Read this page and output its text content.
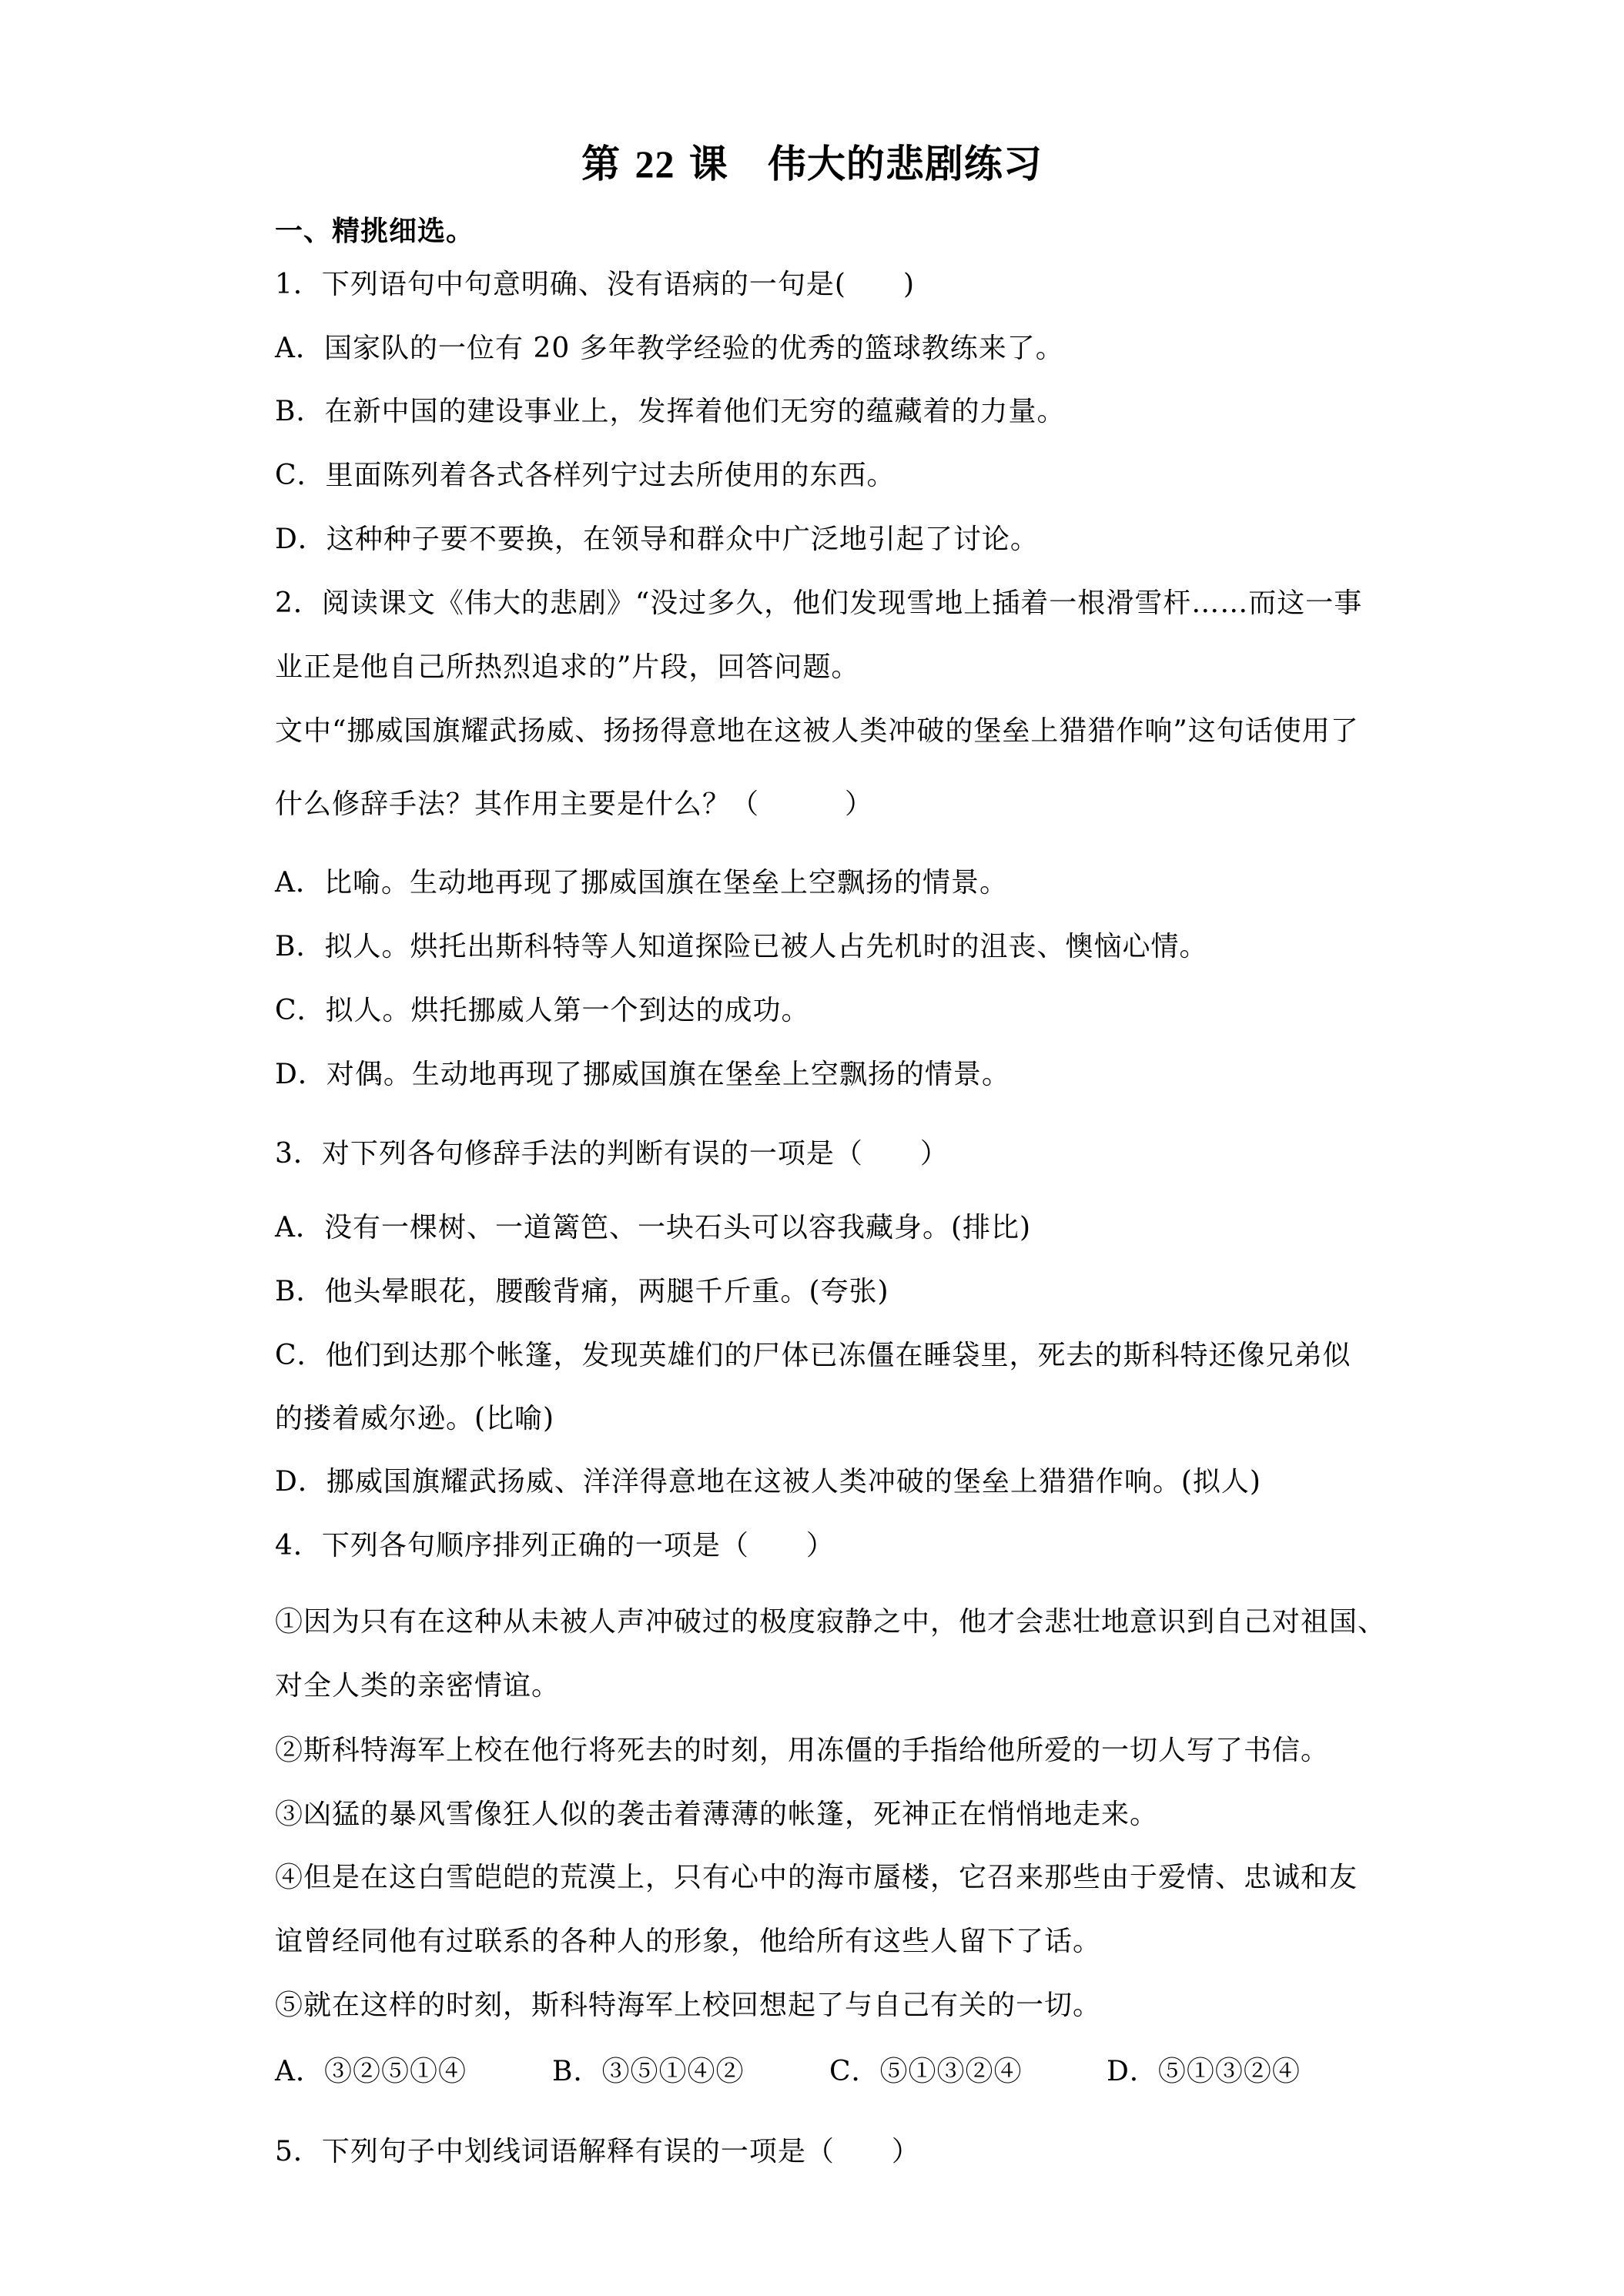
第 22 课　伟大的悲剧练习
一、精挑细选。
1．下列语句中句意明确、没有语病的一句是(　　)
A．国家队的一位有 20 多年教学经验的优秀的篮球教练来了。
B．在新中国的建设事业上，发挥着他们无穷的蕴藏着的力量。
C．里面陈列着各式各样列宁过去所使用的东西。
D．这种种子要不要换，在领导和群众中广泛地引起了讨论。
2．阅读课文《伟大的悲剧》“没过多久，他们发现雪地上插着一根滑雪杆……而这一事
业正是他自己所热烈追求的”片段，回答问题。
文中“挪威国旗耀武扬威、扬扬得意地在这被人类冲破的堡垒上猎猎作响”这句话使用了
什么修辞手法？其作用主要是什么？（　　　）
A．比喻。生动地再现了挪威国旗在堡垒上空飘扬的情景。
B．拟人。烘托出斯科特等人知道探险已被人占先机时的沮丧、懊恼心情。
C．拟人。烘托挪威人第一个到达的成功。
D．对偶。生动地再现了挪威国旗在堡垒上空飘扬的情景。
3．对下列各句修辞手法的判断有误的一项是（　　）
A．没有一棵树、一道篱笆、一块石头可以容我藏身。(排比)
B．他头晕眼花，腰酸背痛，两腿千斤重。(夸张)
C．他们到达那个帐篷，发现英雄们的尸体已冻僵在睡袋里，死去的斯科特还像兄弟似
的搂着威尔逊。(比喻)
D．挪威国旗耀武扬威、洋洋得意地在这被人类冲破的堡垒上猎猎作响。(拟人)
4．下列各句顺序排列正确的一项是（　　）
①因为只有在这种从未被人声冲破过的极度寂静之中，他才会悲壮地意识到自己对祖国、
对全人类的亲密情谊。
②斯科特海军上校在他行将死去的时刻，用冻僵的手指给他所爱的一切人写了书信。
③凶猛的暴风雪像狂人似的袭击着薄薄的帐篷，死神正在悄悄地走来。
④但是在这白雪皑皑的荒漠上，只有心中的海市蜃楼，它召来那些由于爱情、忠诚和友
谊曾经同他有过联系的各种人的形象，他给所有这些人留下了话。
⑤就在这样的时刻，斯科特海军上校回想起了与自己有关的一切。
A．③②⑤①④	B．③⑤①④②	C．⑤①③②④	D．⑤①③②④
5．下列句子中划线词语解释有误的一项是（　　）
